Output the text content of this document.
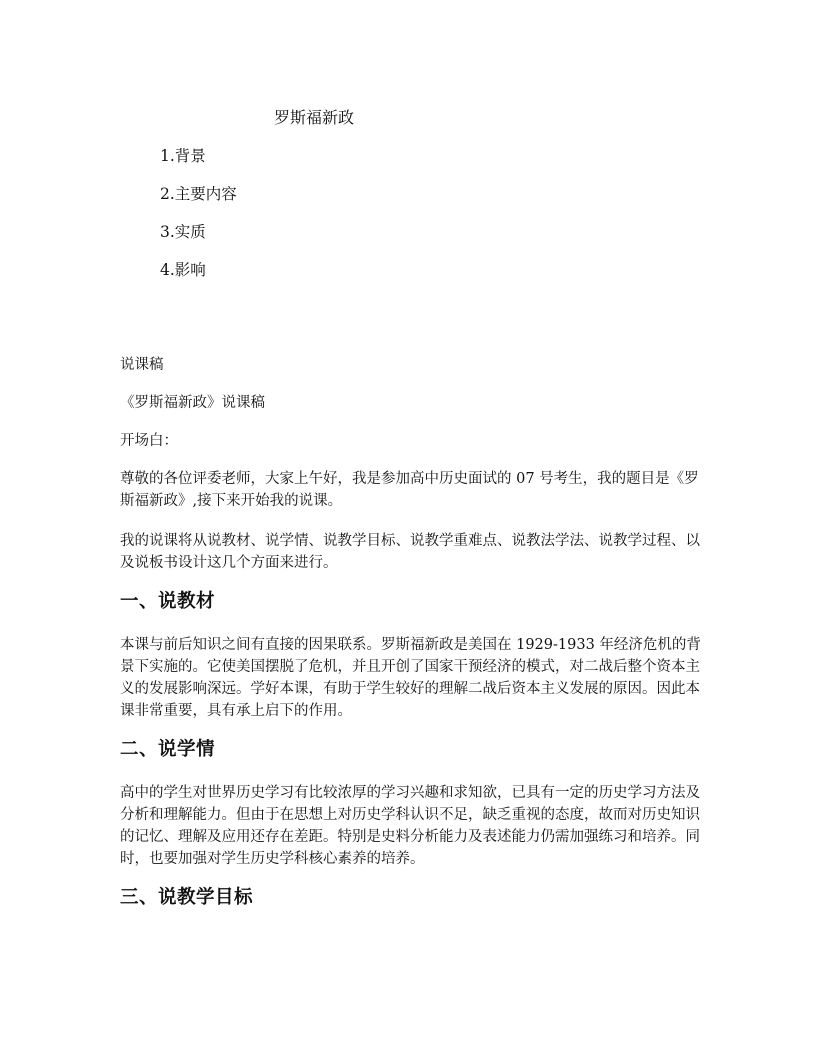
罗斯福新政
1.背景
2.主要内容
3.实质
4.影响

说课稿

《罗斯福新政》说课稿

开场白：

尊敬的各位评委老师，大家上午好，我是参加高中历史面试的 07 号考生，我的题目是《罗斯福新政》,接下来开始我的说课。

我的说课将从说教材、说学情、说教学目标、说教学重难点、说教法学法、说教学过程、以及说板书设计这几个方面来进行。

一、说教材

本课与前后知识之间有直接的因果联系。罗斯福新政是美国在 1929-1933 年经济危机的背景下实施的。它使美国摆脱了危机，并且开创了国家干预经济的模式，对二战后整个资本主义的发展影响深远。学好本课，有助于学生较好的理解二战后资本主义发展的原因。因此本课非常重要，具有承上启下的作用。

二、说学情

高中的学生对世界历史学习有比较浓厚的学习兴趣和求知欲，已具有一定的历史学习方法及分析和理解能力。但由于在思想上对历史学科认识不足，缺乏重视的态度，故而对历史知识的记忆、理解及应用还存在差距。特别是史料分析能力及表述能力仍需加强练习和培养。同时，也要加强对学生历史学科核心素养的培养。

三、说教学目标
